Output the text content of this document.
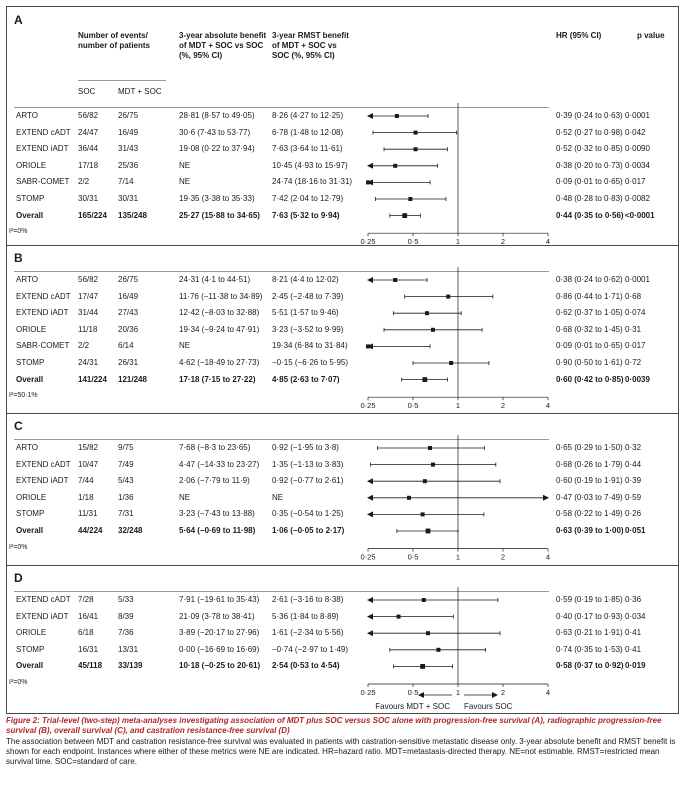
Favours MDT + SOC Favours SOC
Figure 2: Trial-level (two-step) meta-analyses investigating association of MDT plus SOC versus SOC alone with progression-free survival (A), radiographic progression-free survival (B), overall survival (C), and castration resistance-free survival (D)
The association between MDT and castration resistance-free survival was evaluated in patients with castration-sensitive metastatic disease only. 3-year absolute benefit and RMST benefit is shown for each endpoint. Instances where either of these metrics were NE are indicated. HR=hazard ratio. MDT=metastasis-directed therapy. NE=not estimable. RMST=restricted mean survival time. SOC=standard of care.
A
Number of events/ number of patients
3-year absolute benefit of MDT + SOC vs SOC (%, 95% CI)
3-year RMST benefit of MDT + SOC vs SOC (%, 95% CI)
HR (95% CI)	p value
SOC	MDT + SOC
ARTO	56/82 26/75	28·81 (8·57 to 49·05) 8·26 (4·27 to 12·25)	0·39 (0·24 to 0·63) 0·0001
EXTEND cADT 24/47 16/49	30·6 (7·43 to 53·77)	6·78 (1·48 to 12·08)	0·52 (0·27 to 0·98) 0·042
EXTEND iADT 36/44 31/43	19·08 (0·22 to 37·94) 7·63 (3·64 to 11·61)	0·52 (0·32 to 0·85) 0·0090
ORIOLE	17/18 25/36	NE	10·45 (4·93 to 15·97)	0·38 (0·20 to 0·73) 0·0034
SABR-COMET 2/2	7/14	NE	24·74 (18·16 to 31·31)	0·09 (0·01 to 0·65) 0·017
STOMP	30/31 30/31	19·35 (3·38 to 35·33) 7·42 (2·04 to 12·79)	0·48 (0·28 to 0·83) 0·0082
Overall	165/224 135/248	25·27 (15·88 to 34·65) 7·63 (5·32 to 9·94)	0·44 (0·35 to 0·56) <0·0001
I²=0%
0·25	0·5	1	2	4
B
ARTO	56/82 26/75	24·31 (4·1 to 44·51)	8·21 (4·4 to 12·02)	0·38 (0·24 to 0·62) 0·0001
EXTEND cADT 17/47 16/49	11·76 (−11·38 to 34·89) 2·45 (−2·48 to 7·39)	0·86 (0·44 to 1·71) 0·68
EXTEND iADT 31/44 27/43	12·42 (−8·03 to 32·88) 5·51 (1·57 to 9·46)	0·62 (0·37 to 1·05) 0·074
ORIOLE	11/18	20/36	19·34 (−9·24 to 47·91) 3·23 (−3·52 to 9·99)	0·68 (0·32 to 1·45) 0·31
SABR-COMET 2/2	6/14	NE	19·34 (6·84 to 31·84)	0·09 (0·01 to 0·65) 0·017
STOMP	24/31 26/31	4·62 (−18·49 to 27·73) −0·15 (−6·26 to 5·95)	0·90 (0·50 to 1·61) 0·72
Overall	141/224 121/248	17·18 (7·15 to 27·22) 4·85 (2·63 to 7·07)	0·60 (0·42 to 0·85) 0·0039
I²=50·1%
0·25	0·5	1	2	4
C
ARTO	15/82 9/75	7·68 (−8·3 to 23·65)	0·92 (−1·95 to 3·8)	0·65 (0·29 to 1·50) 0·32
EXTEND cADT 10/47 7/49	4·47 (−14·33 to 23·27) 1·35 (−1·13 to 3·83)	0·68 (0·26 to 1·79) 0·44
EXTEND iADT 7/44	5/43	2·06 (−7·79 to 11·9)	0·92 (−0·77 to 2·61)	0·60 (0·19 to 1·91) 0·39
ORIOLE	1/18	1/36	NE	NE	0·47 (0·03 to 7·49) 0·59
STOMP	11/31	7/31	3·23 (−7·43 to 13·88) 0·35 (−0·54 to 1·25)	0·58 (0·22 to 1·49) 0·26
Overall	44/224 32/248	5·64 (−0·69 to 11·98) 1·06 (−0·05 to 2·17)	0·63 (0·39 to 1·00) 0·051
I²=0%
0·25	0·5	1	2	4
D
EXTEND cADT 7/28	5/33	7·91 (−19·61 to 35·43) 2·61 (−3·16 to 8·38)	0·59 (0·19 to 1·85) 0·36
EXTEND iADT 16/41 8/39	21·09 (3·78 to 38·41) 5·36 (1·84 to 8·89)	0·40 (0·17 to 0·93) 0·034
ORIOLE	6/18	7/36	3·89 (−20·17 to 27·96) 1·61 (−2·34 to 5·56)	0·63 (0·21 to 1·91) 0·41
STOMP	16/31 13/31	0·00 (−16·69 to 16·69) −0·74 (−2·97 to 1·49)	0·74 (0·35 to 1·53) 0·41
Overall	45/118 33/139	10·18 (−0·25 to 20·61) 2·54 (0·53 to 4·54)	0·58 (0·37 to 0·92) 0·019
I²=0%
0·25	0·5	1	2	4
